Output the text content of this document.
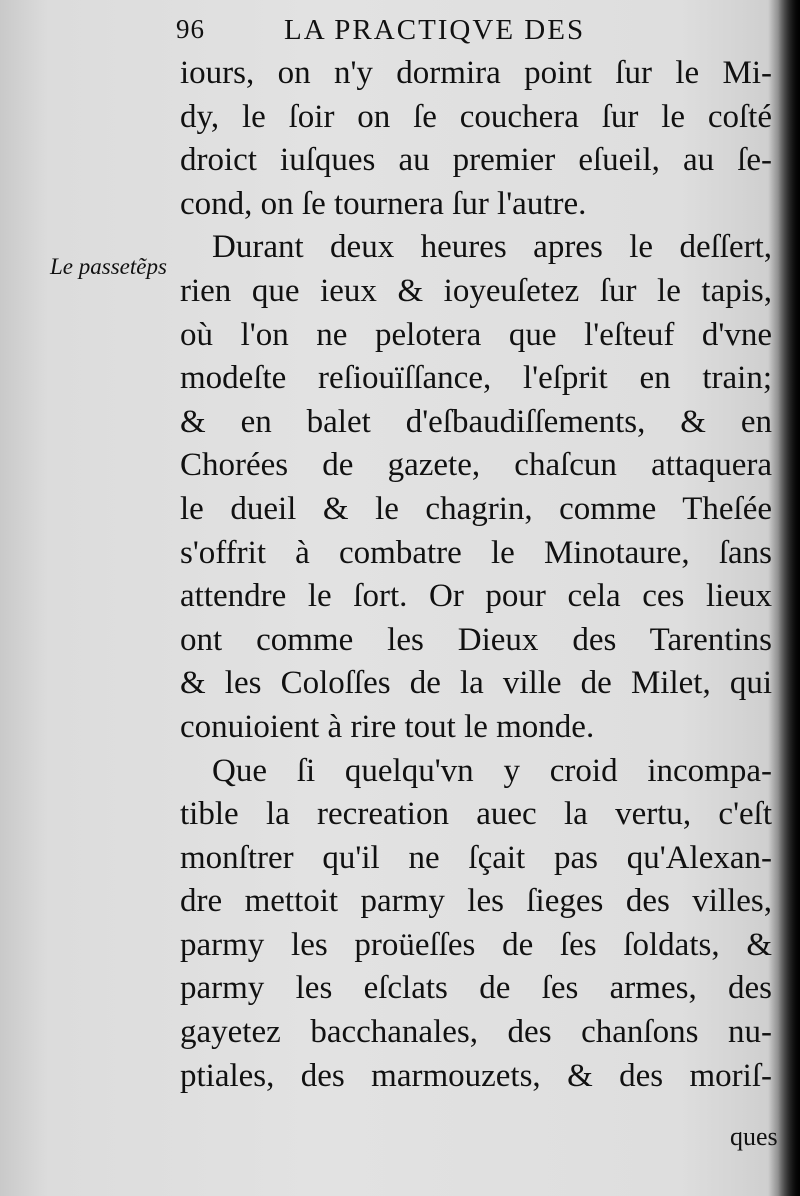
96	LA PRACTIQVE DES
Le passetẽps
iours, on n'y dormira point ſur le Mi-
dy, le ſoir on ſe couchera ſur le coſté
droict iuſques au premier eſueil, au ſe-
cond, on ſe tournera ſur l'autre.
Durant deux heures apres le deſſert,
rien que ieux & ioyeuſetez ſur le tapis,
où l'on ne pelotera que l'eſteuf d'vne
modeſte reſiouïſſance, l'eſprit en train;
& en balet d'eſbaudiſſements, & en
Chorées de gazete, chaſcun attaquera
le dueil & le chagrin, comme Theſée
s'offrit à combatre le Minotaure, ſans
attendre le ſort. Or pour cela ces lieux
ont comme les Dieux des Tarentins
& les Coloſſes de la ville de Milet, qui
conuioient à rire tout le monde.
Que ſi quelqu'vn y croid incompa-
tible la recreation auec la vertu, c'eſt
monſtrer qu'il ne ſçait pas qu'Alexan-
dre mettoit parmy les ſieges des villes,
parmy les proüeſſes de ſes ſoldats, &
parmy les eſclats de ſes armes, des
gayetez bacchanales, des chanſons nu-
ptiales, des marmouzets, & des moriſ-
ques
